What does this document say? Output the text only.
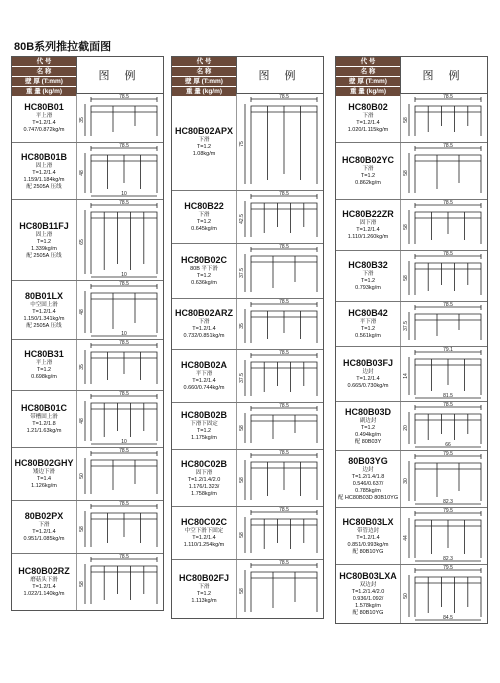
80B系列推拉截面图
代 号
名 称
壁 厚 (T:mm)
重 量 (kg/m)
图 例
HC80B01
平上滑
T=1.2/1.4
0.747/0.872kg/m
78.5
35
HC80B01B
固上滑
T=1.2/1.4
1.159/1.184kg/m
配 2505A 压线
78.5
48
10
HC80B11FJ
固上滑
T=1.2
1.339kg/m
配 2505A 压线
78.5
65
10
80B01LX
中空固上滑
T=1.2/1.4
1.150/1.341kg/m
配 2505A 压线
78.5
48
10
HC80B31
平上滑
T=1.2
0.698kg/m
78.5
35
HC80B01C
带槽固上滑
T=1.2/1.8
1.21/1.63kg/m
78.5
48
10
HC80B02GHY
矮边下滑
T=1.4
1.126kg/m
78.5
50
80B02PX
下滑
T=1.2/1.4
0.951/1.085kg/m
78.5
58
HC80B02RZ
磨菇头下滑
T=1.2/1.4
1.022/1.140kg/m
78.5
58
代 号
名 称
壁 厚 (T:mm)
重 量 (kg/m)
图 例
HC80B02APX
下滑
T=1.2
1.08kg/m
78.5
75
HC80B22
下滑
T=1.2
0.645kg/m
78.5
42.5
HC80B02C
80B 平下滑
T=1.2
0.636kg/m
78.5
37.5
HC80B02ARZ
下滑
T=1.2/1.4
0.732/0.851kg/m
78.5
35
HC80B02A
平下滑
T=1.2/1.4
0.660/0.744kg/m
78.5
37.5
HC80B02B
下滑下固定
T=1.2
1.175kg/m
78.5
58
HC80C02B
固下滑
T=1.2/1.4/2.0
1.176/1.323/
1.758kg/m
78.5
58
HC80C02C
中空下滑下固定
T=1.2/1.4
1.110/1.254kg/m
78.5
58
HC80B02FJ
下滑
T=1.2
1.113kg/m
78.5
58
代 号
名 称
壁 厚 (T:mm)
重 量 (kg/m)
图 例
HC80B02
下滑
T=1.2/1.4
1.020/1.115kg/m
78.5
58
HC80B02YC
下滑
T=1.2
0.862kg/m
78.5
58
HC80B22ZR
固下滑
T=1.2/1.4
1.110/1.260kg/m
78.5
58
HC80B32
下滑
T=1.2
0.793kg/m
78.5
58
HC80B42
平下滑
T=1.2
0.561kg/m
78.5
37.5
HC80B03FJ
边封
T=1.2/1.4
0.665/0.730kg/m
79.1
14
81.5
HC80B03D
副边封
T=1.2
0.494kg/m
配 80B03Y
78.5
20
66
80B03YG
边封
T=1.2/1.4/1.8
0.546/0.637/
0.785kg/m
配 HC80B03D 80B10YG
79.5
30
82.3
HC80B03LX
带管边封
T=1.2/1.4
0.851/0.993kg/m
配 80B10YG
79.5
44
82.3
HC80B03LXA
双边封
T=1.2/1.4/2.0
0.936/1.092/
1.578kg/m
配 80B10YG
79.5
50
84.5
